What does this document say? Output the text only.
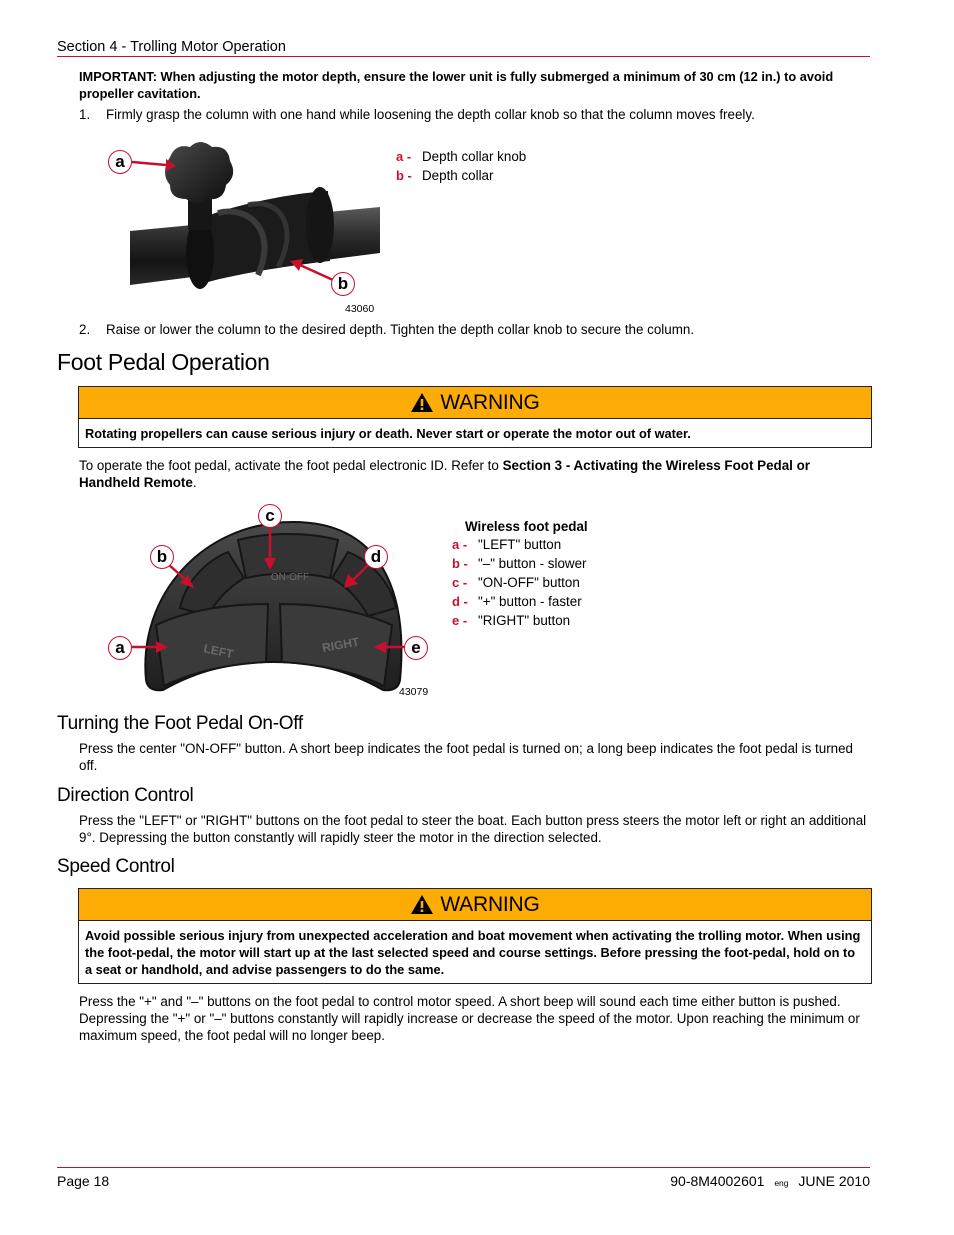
Section 4 - Trolling Motor Operation
IMPORTANT: When adjusting the motor depth, ensure the lower unit is fully submerged a minimum of 30 cm (12 in.) to avoid propeller cavitation.
1. Firmly grasp the column with one hand while loosening the depth collar knob so that the column moves freely.
a
b
43060
a - Depth collar knob
b - Depth collar
2. Raise or lower the column to the desired depth. Tighten the depth collar knob to secure the column.
Foot Pedal Operation
WARNING
Rotating propellers can cause serious injury or death. Never start or operate the motor out of water.
To operate the foot pedal, activate the foot pedal electronic ID. Refer to Section 3 - Activating the Wireless Foot Pedal or Handheld Remote.
ON-OFF
LEFT	RIGHT
a
b
c
d
e
43079
Wireless foot pedal
a - "LEFT" button
b - "–" button - slower
c - "ON-OFF" button
d - "+" button - faster
e - "RIGHT" button
Turning the Foot Pedal On-Off
Press the center "ON-OFF" button. A short beep indicates the foot pedal is turned on; a long beep indicates the foot pedal is turned off.
Direction Control
Press the "LEFT" or "RIGHT" buttons on the foot pedal to steer the boat. Each button press steers the motor left or right an additional 9°. Depressing the button constantly will rapidly steer the motor in the direction selected.
Speed Control
WARNING
Avoid possible serious injury from unexpected acceleration and boat movement when activating the trolling motor. When using the foot-pedal, the motor will start up at the last selected speed and course settings. Before pressing the foot-pedal, hold on to a seat or handhold, and advise passengers to do the same.
Press the "+" and "–" buttons on the foot pedal to control motor speed. A short beep will sound each time either button is pushed. Depressing the "+" or "–" buttons constantly will rapidly increase or decrease the speed of the motor. Upon reaching the minimum or maximum speed, the foot pedal will no longer beep.
Page 18	90-8M4002601 eng JUNE 2010
